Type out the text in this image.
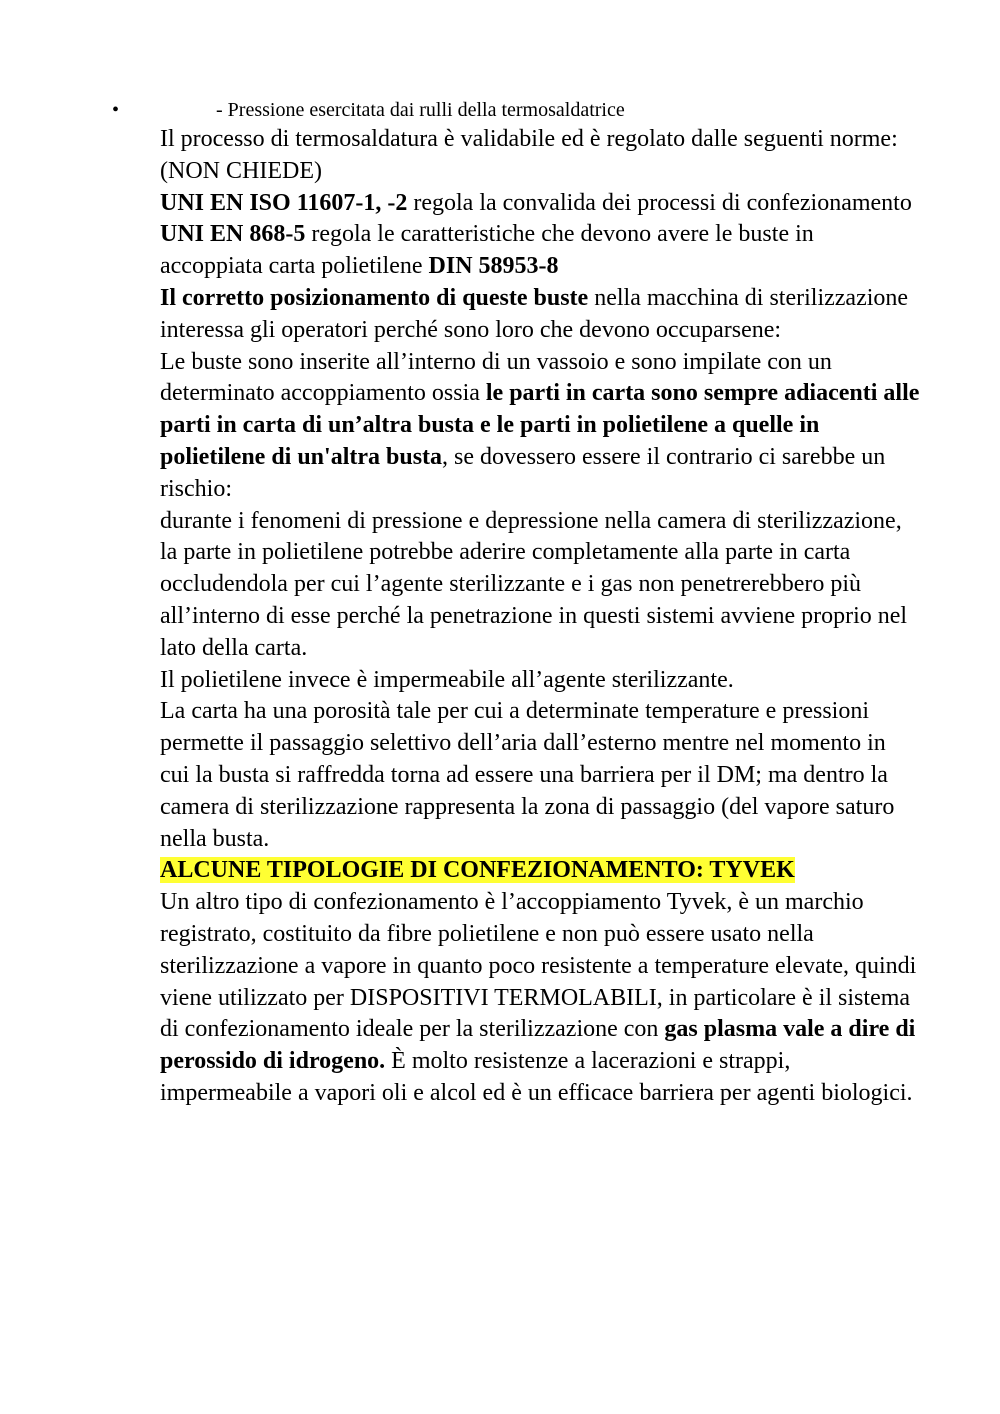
•	- Pressione esercitata dai rulli della termosaldatrice

Il processo di termosaldatura è validabile ed è regolato dalle seguenti norme: (NON CHIEDE)

UNI EN ISO 11607-1, -2 regola la convalida dei processi di confezionamento

UNI EN 868-5 regola le caratteristiche che devono avere le buste in accoppiata carta polietilene DIN 58953-8

Il corretto posizionamento di queste buste nella macchina di sterilizzazione interessa gli operatori perché sono loro che devono occuparsene:

Le buste sono inserite all’interno di un vassoio e sono impilate con un determinato accoppiamento ossia le parti in carta sono sempre adiacenti alle parti in carta di un’altra busta e le parti in polietilene a quelle in polietilene di un'altra busta, se dovessero essere il contrario ci sarebbe un rischio:

durante i fenomeni di pressione e depressione nella camera di sterilizzazione, la parte in polietilene potrebbe aderire completamente alla parte in carta occludendola per cui l’agente sterilizzante e i gas non penetrerebbero più all’interno di esse perché la penetrazione in questi sistemi avviene proprio nel lato della carta.

Il polietilene invece è impermeabile all’agente sterilizzante.

La carta ha una porosità tale per cui a determinate temperature e pressioni permette il passaggio selettivo dell’aria dall’esterno mentre nel momento in cui la busta si raffredda torna ad essere una barriera per il DM; ma dentro la camera di sterilizzazione rappresenta la zona di passaggio (del vapore saturo nella busta.

ALCUNE TIPOLOGIE DI CONFEZIONAMENTO: TYVEK

Un altro tipo di confezionamento è l’accoppiamento Tyvek, è un marchio registrato, costituito da fibre polietilene e non può essere usato nella sterilizzazione a vapore in quanto poco resistente a temperature elevate, quindi viene utilizzato per DISPOSITIVI TERMOLABILI, in particolare è il sistema di confezionamento ideale per la sterilizzazione con gas plasma vale a dire di perossido di idrogeno. È molto resistenze a lacerazioni e strappi, impermeabile a vapori oli e alcol ed è un efficace barriera per agenti biologici.
